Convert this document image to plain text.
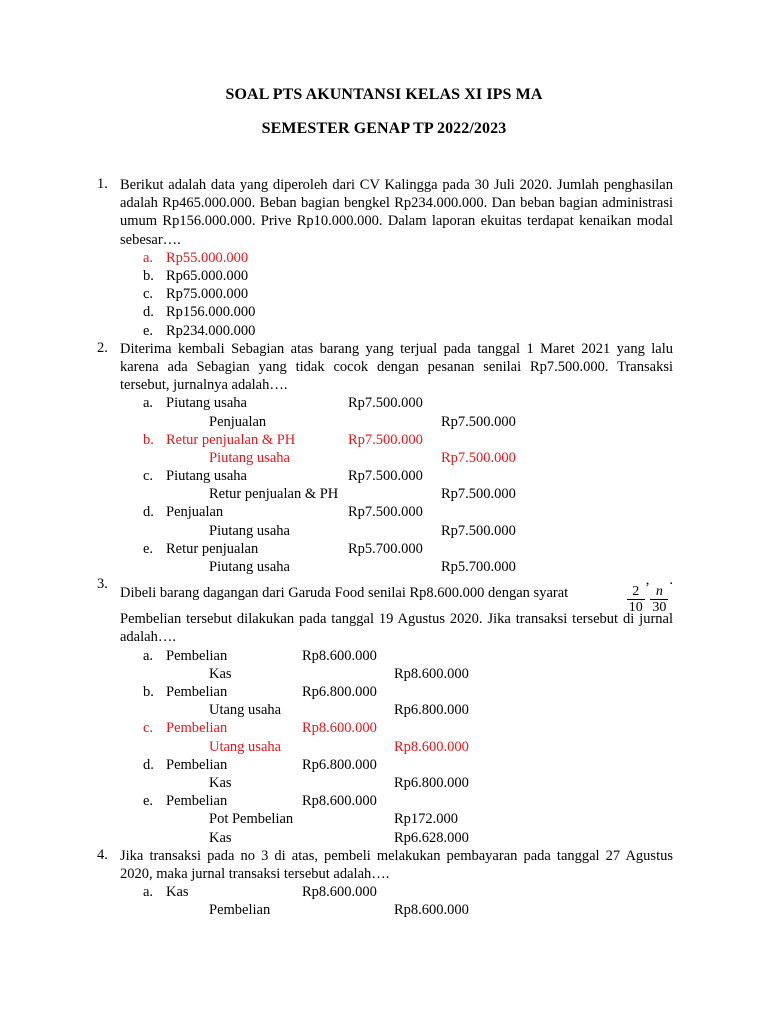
SOAL PTS AKUNTANSI KELAS XI IPS MA
SEMESTER GENAP TP 2022/2023
1. Berikut adalah data yang diperoleh dari CV Kalingga pada 30 Juli 2020. Jumlah penghasilan adalah Rp465.000.000. Beban bagian bengkel Rp234.000.000. Dan beban bagian administrasi umum Rp156.000.000. Prive Rp10.000.000. Dalam laporan ekuitas terdapat kenaikan modal sebesar….
a. Rp55.000.000
b. Rp65.000.000
c. Rp75.000.000
d. Rp156.000.000
e. Rp234.000.000
2. Diterima kembali Sebagian atas barang yang terjual pada tanggal 1 Maret 2021 yang lalu karena ada Sebagian yang tidak cocok dengan pesanan senilai Rp7.500.000. Transaksi tersebut, jurnalnya adalah….
a. Piutang usaha	Rp7.500.000
Penjualan	Rp7.500.000
b. Retur penjualan & PH	Rp7.500.000
Piutang usaha	Rp7.500.000
c. Piutang usaha	Rp7.500.000
Retur penjualan & PH	Rp7.500.000
d. Penjualan	Rp7.500.000
Piutang usaha	Rp7.500.000
e. Retur penjualan	Rp5.700.000
Piutang usaha	Rp5.700.000
3.
Dibeli barang dagangan dari Garuda Food senilai Rp8.600.000 dengan syarat	$\frac{2}{10}$
,
$\frac{n}{30}$
.
Pembelian tersebut dilakukan pada tanggal 19 Agustus 2020. Jika transaksi tersebut di jurnal adalah….
a. Pembelian	Rp8.600.000
Kas	Rp8.600.000
b. Pembelian	Rp6.800.000
Utang usaha	Rp6.800.000
c. Pembelian	Rp8.600.000
Utang usaha	Rp8.600.000
d. Pembelian	Rp6.800.000
Kas	Rp6.800.000
e. Pembelian	Rp8.600.000
Pot Pembelian	Rp172.000
Kas	Rp6.628.000
4. Jika transaksi pada no 3 di atas, pembeli melakukan pembayaran pada tanggal 27 Agustus 2020, maka jurnal transaksi tersebut adalah….
a. Kas	Rp8.600.000
Pembelian	Rp8.600.000
